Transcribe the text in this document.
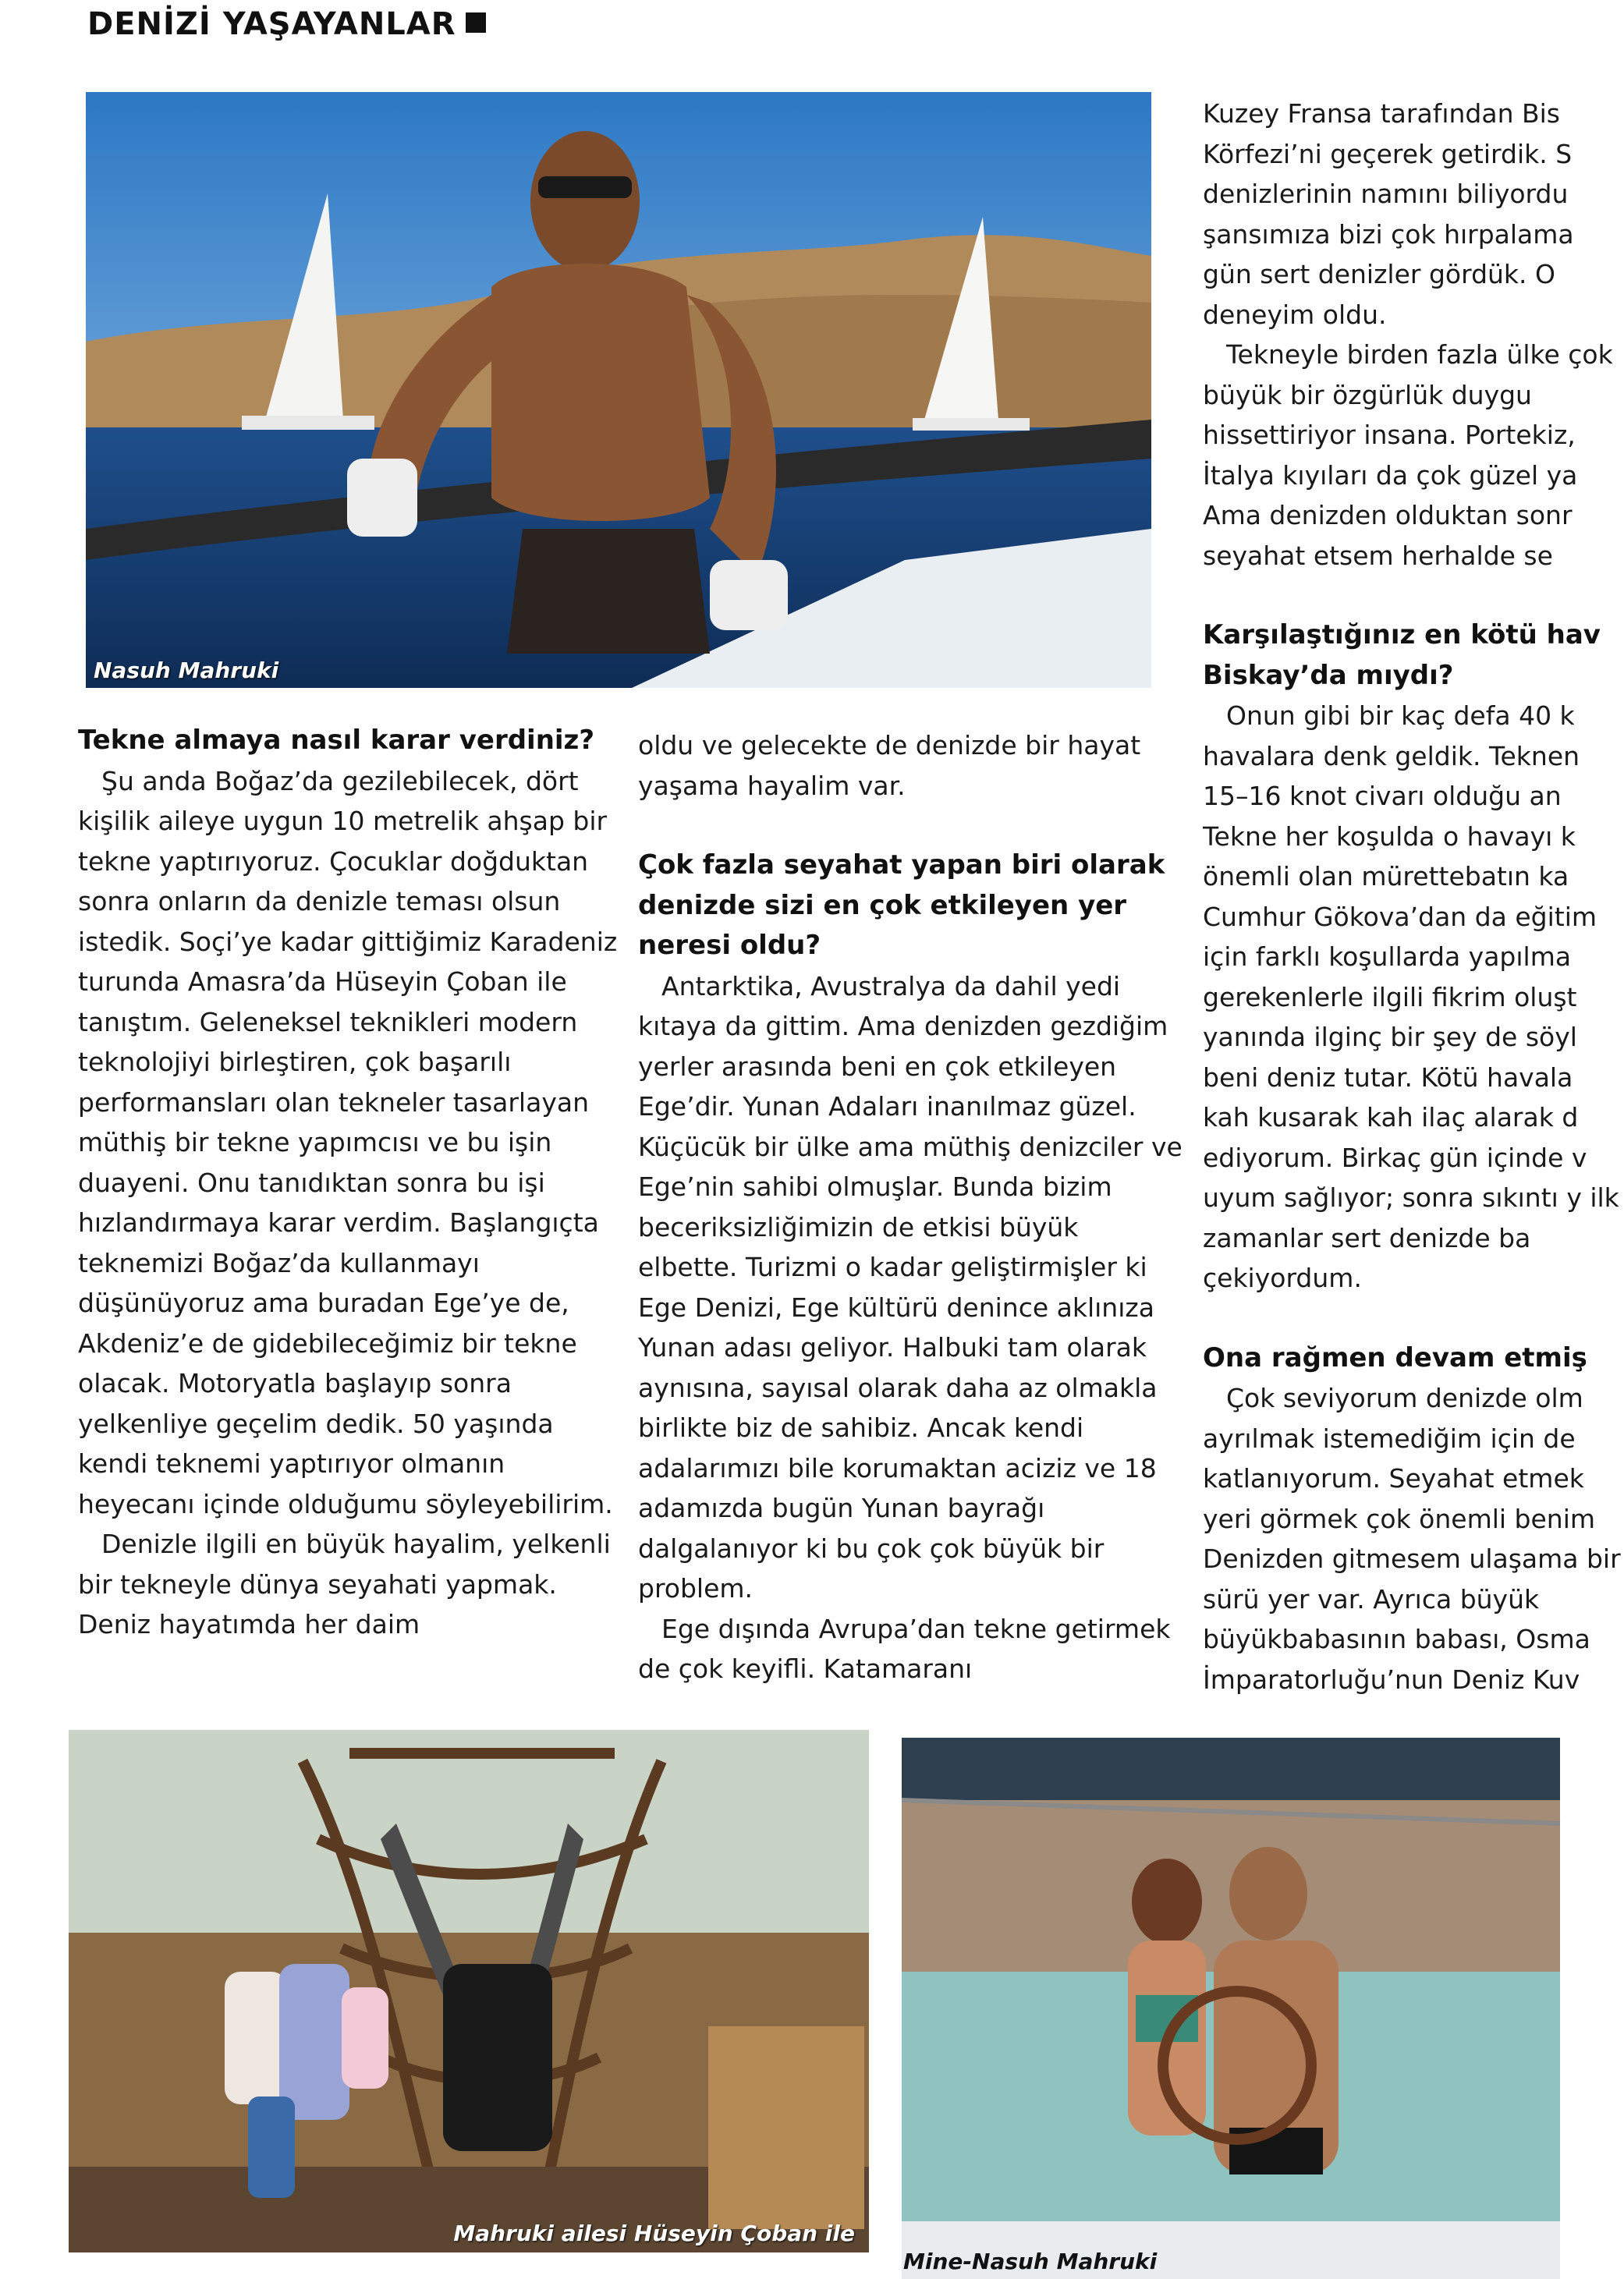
DENİZİ YAŞAYANLAR
Nasuh Mahruki
Mahruki ailesi Hüseyin Çoban ile
Mine-Nasuh Mahruki
Tekne almaya nasıl karar verdiniz?

Şu anda Boğaz’da gezilebilecek, dört kişilik aileye uygun 10 metrelik ahşap bir tekne yaptırıyoruz. Çocuklar doğduktan sonra onların da denizle teması olsun istedik. Soçi’ye kadar gittiğimiz Karadeniz turunda Amasra’da Hüseyin Çoban ile tanıştım. Geleneksel teknikleri modern teknolojiyi birleştiren, çok başarılı performansları olan tekneler tasarlayan müthiş bir tekne yapımcısı ve bu işin duayeni. Onu tanıdıktan sonra bu işi hızlandırmaya karar verdim. Başlangıçta teknemizi Boğaz’da kullanmayı düşünüyoruz ama buradan Ege’ye de, Akdeniz’e de gidebileceğimiz bir tekne olacak. Motoryatla başlayıp sonra yelkenliye geçelim dedik. 50 yaşında kendi teknemi yaptırıyor olmanın heyecanı içinde olduğumu söyleyebilirim.

Denizle ilgili en büyük hayalim, yelkenli bir tekneyle dünya seyahati yapmak. Deniz hayatımda her daim

oldu ve gelecekte de denizde bir hayat yaşama hayalim var.

Çok fazla seyahat yapan biri olarak denizde sizi en çok etkileyen yer neresi oldu?

Antarktika, Avustralya da dahil yedi kıtaya da gittim. Ama denizden gezdiğim yerler arasında beni en çok etkileyen Ege’dir. Yunan Adaları inanılmaz güzel. Küçücük bir ülke ama müthiş denizciler ve Ege’nin sahibi olmuşlar. Bunda bizim beceriksizliğimizin de etkisi büyük elbette. Turizmi o kadar geliştirmişler ki Ege Denizi, Ege kültürü denince aklınıza Yunan adası geliyor. Halbuki tam olarak aynısına, sayısal olarak daha az olmakla birlikte biz de sahibiz. Ancak kendi adalarımızı bile korumaktan aciziz ve 18 adamızda bugün Yunan bayrağı dalgalanıyor ki bu çok çok büyük bir problem.

Ege dışında Avrupa’dan tekne getirmek de çok keyifli. Katamaranı

Kuzey Fransa tarafından Bis Körfezi’ni geçerek getirdik. S denizlerinin namını biliyordu şansımıza bizi çok hırpalama gün sert denizler gördük. O deneyim oldu.

Tekneyle birden fazla ülke çok büyük bir özgürlük duygu hissettiriyor insana. Portekiz, İtalya kıyıları da çok güzel ya Ama denizden olduktan sonr seyahat etsem herhalde se

Karşılaştığınız en kötü hav Biskay’da mıydı?

Onun gibi bir kaç defa 40 k havalara denk geldik. Teknen 15–16 knot civarı olduğu an Tekne her koşulda o havayı k önemli olan mürettebatın ka Cumhur Gökova’dan da eğitim için farklı koşullarda yapılma gerekenlerle ilgili fikrim oluşt yanında ilginç bir şey de söyl beni deniz tutar. Kötü havala kah kusarak kah ilaç alarak d ediyorum. Birkaç gün içinde v uyum sağlıyor; sonra sıkıntı y ilk zamanlar sert denizde ba çekiyordum.

Ona rağmen devam etmiş

Çok seviyorum denizde olm ayrılmak istemediğim için de katlanıyorum. Seyahat etmek yeri görmek çok önemli benim Denizden gitmesem ulaşama bir sürü yer var. Ayrıca büyük büyükbabasının babası, Osma İmparatorluğu’nun Deniz Kuv
